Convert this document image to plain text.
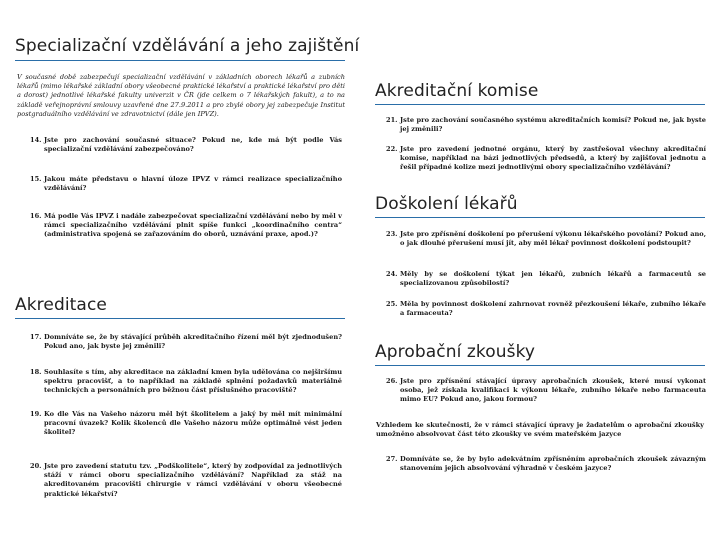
Specializační vzdělávání a jeho zajištění
V současné době zabezpečují specializační vzdělávání v základních oborech lékařů a zubních lékařů (mimo lékařské základní obory všeobecné praktické lékařství a praktické lékařství pro děti a dorost) jednotlivé lékařské fakulty univerzit v ČR (jde celkem o 7 lékařských fakult), a to na základě veřejnoprávní smlouvy uzavřené dne 27.9.2011 a pro zbylé obory jej zabezpečuje Institut postgraduálního vzdělávání ve zdravotnictví (dále jen IPVZ).
14. Jste pro zachování současné situace? Pokud ne, kde má být podle Vás specializační vzdělávání zabezpečováno?
15. Jakou máte představu o hlavní úloze IPVZ v rámci realizace specializačního vzdělávání?
16. Má podle Vás IPVZ i nadále zabezpečovat specializační vzdělávání nebo by měl v rámci specializačního vzdělávání plnit spíše funkci „koordinačního centra“ (administrativa spojená se zařazováním do oborů, uznávání praxe, apod.)?
Akreditace
17. Domníváte se, že by stávající průběh akreditačního řízení měl být zjednodušen? Pokud ano, jak byste jej změnili?
18. Souhlasíte s tím, aby akreditace na základní kmen byla udělována co nejširšímu spektru pracovišť, a to například na základě splnění požadavků materiálně technických a personálních pro běžnou část příslušného pracoviště?
19. Ko dle Vás na Vašeho názoru měl být školitelem a jaký by měl mít minimální pracovní úvazek? Kolik školenců dle Vašeho názoru může optimálně vést jeden školitel?
20. Jste pro zavedení statutu tzv. „Podškolitele“, který by zodpovídal za jednotlivých stáží v rámci oboru specializačního vzdělávání? Například za stáž na akreditovaném pracovišti chirurgie v rámci vzdělávání v oboru všeobecné praktické lékařství?
Akreditační komise
21. Jste pro zachování současného systému akreditačních komisí? Pokud ne, jak byste jej změnili?
22. Jste pro zavedení jednotné orgánu, který by zastřešoval všechny akreditační komise, například na bázi jednotlivých předsedů, a který by zajišťoval jednotu a řešil případné kolize mezi jednotlivými obory specializačního vzdělávání?
Doškolení lékařů
23. Jste pro zpřísnění doškolení po přerušení výkonu lékařského povolání? Pokud ano, o jak dlouhé přerušení musí jít, aby měl lékař povinnost doškolení podstoupit?
24. Měly by se doškolení týkat jen lékařů, zubních lékařů a farmaceutů se specializovanou způsobilostí?
25. Měla by povinnost doškolení zahrnovat rovněž přezkoušení lékaře, zubního lékaře a farmaceuta?
Aprobační zkoušky
26. Jste pro zpřísnění stávající úpravy aprobačních zkoušek, které musí vykonat osoba, jež získala kvalifikaci k výkonu lékaře, zubního lékaře nebo farmaceuta mimo EU? Pokud ano, jakou formou?
Vzhledem ke skutečnosti, že v rámci stávající úpravy je žadatelům o aprobační zkoušky umožněno absolvovat část této zkoušky ve svém mateřském jazyce
27. Domníváte se, že by bylo adekvátním zpřísněním aprobačních zkoušek závazným stanovením jejich absolvování výhradně v českém jazyce?
